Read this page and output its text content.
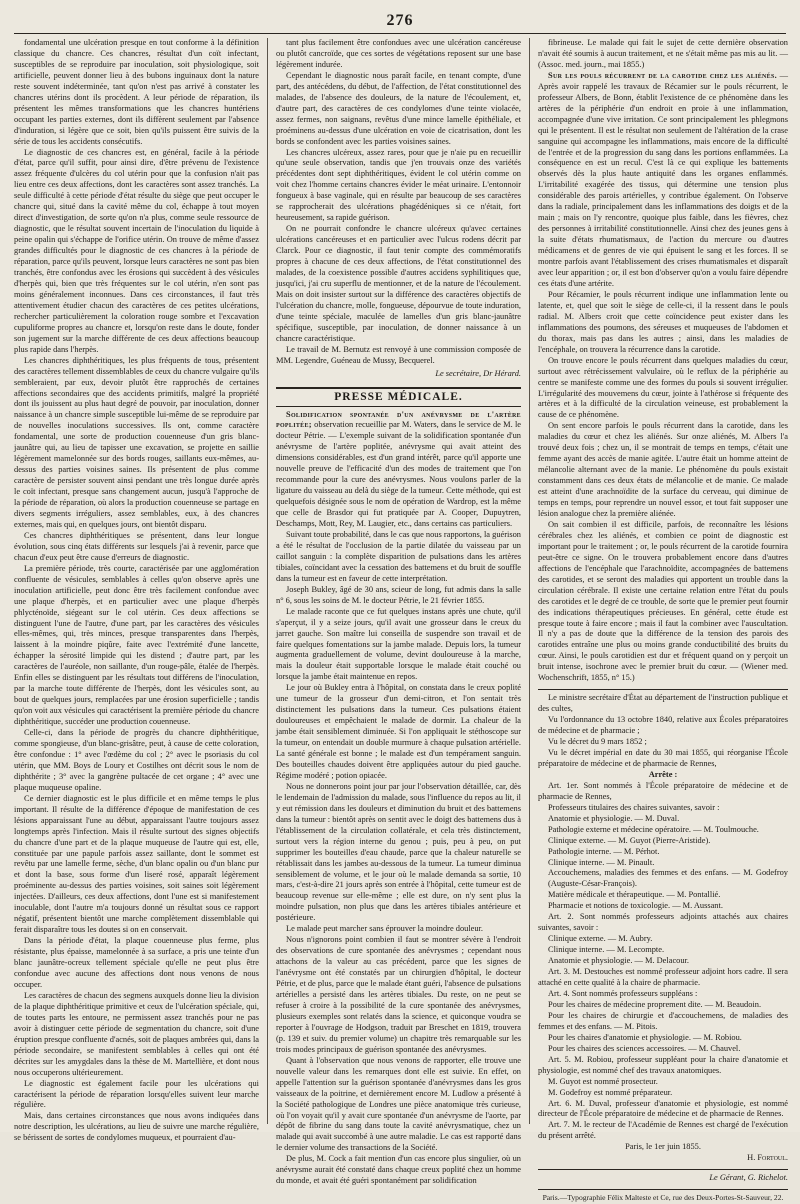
276

fondamental une ulcération presque en tout conforme à la définition classique du chancre. Ces chancres, résultat d'un coït infectant, susceptibles de se reproduire par inoculation, soit physiologique, soit artificielle, peuvent donner lieu à des bubons inguinaux dont la nature reste souvent indéterminée, tant qu'on n'est pas arrivé à constater les chancres utérins dont ils procèdent. A leur période de réparation, ils présentent les mêmes transformations que les chancres huntériens occupant les parties externes, dont ils diffèrent seulement par l'absence d'induration, si légère que ce soit, bien qu'ils puissent être suivis de la série de tous les accidents consécutifs.

Le diagnostic de ces chancres est, en général, facile à la période d'état, parce qu'il suffit, pour ainsi dire, d'être prévenu de l'existence assez fréquente d'ulcères du col utérin pour que la confusion n'ait pas lieu entre ces deux affections, dont les caractères sont assez tranchés. La seule difficulté à cette période d'état résulte du siège que peut occuper le chancre qui, situé dans la cavité même du col, échappe à tout moyen direct d'investigation, de sorte qu'on n'a plus, comme seule ressource de diagnostic, que le résultat souvent incertain de l'inoculation du liquide à peine opalin qui s'échappe de l'orifice utérin. On trouve de même d'assez grandes difficultés pour le diagnostic de ces chancres à la période de réparation, parce qu'ils peuvent, lorsque leurs caractères ne sont pas bien tranchés, être confondus avec les érosions qui succèdent à des vésicules d'herpès qui, bien que très fréquentes sur le col utérin, n'en sont pas moins généralement inconnues. Dans ces circonstances, il faut très attentivement étudier chacun des caractères de ces petites ulcérations, rechercher particulièrement la coloration rouge sombre et l'excavation cupuliforme propres au chancre et, lorsqu'on reste dans le doute, fonder son jugement sur la marche différente de ces deux affections beaucoup plus rapide dans l'herpès.

Les chancres diphthéritiques, les plus fréquents de tous, présentent des caractères tellement dissemblables de ceux du chancre vulgaire qu'ils sembleraient, par eux, devoir plutôt être rapprochés de certaines affections secondaires que des accidents primitifs, malgré la propriété dont ils jouissent au plus haut degré de pouvoir, par inoculation, donner naissance à un chancre simple susceptible lui-même de se reproduire par de nouvelles inoculations successives. Ils ont, comme caractère fondamental, une sorte de production couenneuse d'un gris blanc-jaunâtre qui, au lieu de tapisser une excavation, se projette en saillie légèrement mamelonnée sur des bords rouges, saillants eux-mêmes, au-dessus des parties voisines saines. Ils présentent de plus comme caractère de persister souvent ainsi pendant une très longue durée après le coït infectant, presque sans changement aucun, jusqu'à l'approche de la période de réparation, où alors la production couenneuse se partage en divers segments irréguliers, assez semblables, eux, à des chancres externes, mais qui, en quelques jours, ont bientôt disparu.

Ces chancres diphthéritiques se présentent, dans leur longue évolution, sous cinq états différents sur lesquels j'ai à revenir, parce que chacun d'eux peut être cause d'erreurs de diagnostic.

La première période, très courte, caractérisée par une agglomération confluente de vésicules, semblables à celles qu'on observe après une inoculation artificielle, peut donc être très facilement confondue avec une plaque d'herpès, et en particulier avec une plaque d'herpès phlycténoïde, siégeant sur le col utérin. Ces deux affections se distinguent l'une de l'autre, d'une part, par les caractères des vésicules elles-mêmes, qui, très minces, presque transparentes dans l'herpès, laissent à la moindre piqûre, faite avec l'extrémité d'une lancette, échapper la sérosité limpide qui les distend ; d'autre part, par les caractères de l'auréole, non saillante, d'un rouge-pâle, étalée de l'herpès. Enfin elles se distinguent par les résultats tout différens de l'inoculation, par la marche toute différente de l'herpès, dont les vésicules sont, au bout de quelques jours, remplacées par une érosion superficielle ; tandis qu'on voit aux vésicules qui caractérisent la première période du chancre diphthéritique, succéder une production couenneuse.

Celle-ci, dans la période de progrès du chancre diphthéritique, comme spongieuse, d'un blanc-grisâtre, peut, à cause de cette coloration, être confondue : 1° avec l'œdème du col ; 2° avec le psoriasis du col utérin, que MM. Boys de Loury et Costilhes ont décrit sous le nom de diphthérite ; 3° avec la gangrène pultacée de cet organe ; 4° avec une plaque muqueuse opaline.

Ce dernier diagnostic est le plus difficile et en même temps le plus important. Il résulte de la différence d'époque de manifestation de ces lésions apparaissant l'une au début, apparaissant l'autre toujours assez longtemps après l'infection. Mais il résulte surtout des signes objectifs du chancre d'une part et de la plaque muqueuse de l'autre qui est, elle, constituée par une papule parfois assez saillante, dont le sommet est revêtu par une lamelle ferme, sèche, d'un blanc opalin ou d'un blanc pur et dont la base, sous forme d'un liseré rosé, apparaît légèrement proéminente au-dessus des parties voisines, soit saines soit légèrement injectées. D'ailleurs, ces deux affections, dont l'une est si manifestement inoculable, dont l'autre m'a toujours donné un résultat sous ce rapport négatif, présentent bientôt une marche complètement dissemblable qui ferait disparaître tous les doutes si on en conservait.

Dans la période d'état, la plaque couenneuse plus ferme, plus résistante, plus épaisse, mamelonnée à sa surface, a pris une teinte d'un blanc jaunâtre-ocreux tellement spéciale qu'elle ne peut plus être confondue avec aucune des affections dont nous venons de nous occuper.

Les caractères de chacun des segmens auxquels donne lieu la division de la plaque diphthéritique primitive et ceux de l'ulcération spéciale, qui, de toutes parts les entoure, ne permissent assez tranchés pour ne pas avoir à distinguer cette période de segmentation du chancre, soit d'une éruption presque confluente d'acnés, soit de plaques ambrées qui, dans la période secondaire, se manifestent semblables à celles qui ont été décrites sur les amygdales dans la thèse de M. Martellière, et dont nous nous occuperons ultérieurement.

Le diagnostic est également facile pour les ulcérations qui caractérisent la période de réparation lorsqu'elles suivent leur marche régulière.

Mais, dans certaines circonstances que nous avons indiquées dans notre description, les ulcérations, au lieu de suivre une marche régulière, se bérissent de sortes de condylomes muqueux, et pourraient d'au-

tant plus facilement être confondues avec une ulcération cancéreuse ou plutôt cancroïde, que ces sortes de végétations reposent sur une base légèrement indurée.

Cependant le diagnostic nous paraît facile, en tenant compte, d'une part, des antécédens, du début, de l'affection, de l'état constitutionnel des malades, de l'absence des douleurs, de la nature de l'écoulement, et, d'autre part, des caractères de ces condylomes d'une teinte violacée, assez fermes, non saignans, revêtus d'une mince lamelle épithéliale, et proéminens au-dessus d'une ulcération en voie de cicatrisation, dont les bords se confondent avec les parties voisines saines.

Les chancres ulcéreux, assez rares, pour que je n'aie pu en recueillir qu'une seule observation, tandis que j'en trouvais onze des variétés précédentes dont sept diphthéritiques, évident le col utérin comme on voit chez l'homme certains chancres évider le méat urinaire. L'entonnoir fongueux à base vaginale, qui en résulte par beaucoup de ses caractères se rapprocherait des ulcérations phagédéniques si ce n'était, fort heureusement, sa rapide guérison.

On ne pourrait confondre le chancre ulcéreux qu'avec certaines ulcérations cancéreuses et en particulier avec l'ulcus rodens décrit par Clarck. Pour ce diagnostic, il faut tenir compte des commémoratifs propres à chacune de ces deux affections, de l'état constitutionnel des malades, de la coexistence possible d'autres accidens syphilitiques que, jusqu'ici, j'ai cru superflu de mentionner, et de la nature de l'écoulement. Mais on doit insister surtout sur la différence des caractères objectifs de l'ulcération du chancre, molle, fongueuse, dépourvue de toute induration, d'une teinte spéciale, maculée de lamelles d'un gris blanc-jaunâtre spécifique, susceptible, par inoculation, de donner naissance à un chancre caractéristique.

Le travail de M. Bernutz est renvoyé à une commission composée de MM. Legendre, Guéneau de Mussy, Becquerel.

Le secrétaire, Dr Hérard.

PRESSE MÉDICALE.

Solidification spontanée d'un anévrysme de l'artère poplitée; observation recueillie par M. Waters, dans le service de M. le docteur Pétrie. — L'exemple suivant de la solidification spontanée d'un anévrysme de l'artère poplitée, anévrysme qui avait atteint des dimensions considérables, est d'un grand intérêt, parce qu'il apporte une nouvelle preuve de l'efficacité d'un des modes de traitement que l'on recommande pour la cure des anévrysmes. Nous voulons parler de la ligature du vaisseau au delà du siège de la tumeur. Cette méthode, qui est quelquefois désignée sous le nom de opération de Wardrop, est la même que celle de Brasdor qui fut pratiquée par A. Cooper, Dupuytren, Deschamps, Mott, Rey, M. Laugier, etc., dans certains cas particuliers.

Suivant toute probabilité, dans le cas que nous rapportons, la guérison a été le résultat de l'occlusion de la partie dilatée du vaisseau par un caillot sanguin : la complète disparition de pulsations dans les artères tibiales, coïncidant avec la cessation des battemens et du bruit de souffle dans la tumeur est en faveur de cette interprétation.

Joseph Bukley, âgé de 30 ans, scieur de long, fut admis dans la salle n° 6, sous les soins de M. le docteur Pétrie, le 21 février 1855.

Le malade raconte que ce fut quelques instans après une chute, qu'il s'aperçut, il y a seize jours, qu'il avait une grosseur dans le creux du jarret gauche. Son maître lui conseilla de suspendre son travail et de faire quelques fomentations sur la jambe malade. Depuis lors, la tumeur augmenta graduellement de volume, devint douloureuse à la marche, mais la douleur était supportable lorsque le malade était couché ou lorsque la jambe était maintenue en repos.

Le jour où Bukley entra à l'hôpital, on constata dans le creux poplité une tumeur de la grosseur d'un demi-citron, et l'on sentait très distinctement les pulsations dans la tumeur. Ces pulsations étaient douloureuses et empêchaient le malade de dormir. La chaleur de la jambe était sensiblement diminuée. Si l'on appliquait le stéthoscope sur la tumeur, on entendait un double murmure à chaque pulsation artérielle. La santé générale est bonne ; le malade est d'un tempérament sanguin. Des bouteilles chaudes doivent être appliquées autour du pied gauche. Régime modéré ; potion opiacée.

Nous ne donnerons point jour par jour l'observation détaillée, car, dès le lendemain de l'admission du malade, sous l'influence du repos au lit, il y eut rémission dans les douleurs et diminution du bruit et des battemens dans la tumeur : bientôt après on sentit avec le doigt des battemens dus à l'établissement de la circulation collatérale, et cela très distinctement, surtout vers la région interne du genou ; puis, peu à peu, on put supprimer les bouteilles d'eau chaude, parce que la chaleur naturelle se rétablissait dans les jambes au-dessous de la tumeur. La tumeur diminua sensiblement de volume, et le jour où le malade demanda sa sortie, 10 mars, c'est-à-dire 21 jours après son entrée à l'hôpital, cette tumeur est de beaucoup revenue sur elle-même ; elle est dure, on n'y sent plus la moindre pulsation, non plus que dans les artères tibiales antérieure et postérieure.

Le malade peut marcher sans éprouver la moindre douleur.

Nous n'ignorons point combien il faut se montrer sévère à l'endroit des observations de cure spontanée des anévrysmes ; cependant nous attachons de la valeur au cas précédent, parce que les signes de l'anévrysme ont été constatés par un chirurgien d'hôpital, le docteur Pétrie, et de plus, parce que le malade étant guéri, l'absence de pulsations artérielles a persisté dans les artères tibiales. Du reste, on ne peut se refuser à croire à la possibilité de la cure spontanée des anévrysmes, plusieurs exemples sont relatés dans la science, et quiconque voudra se reporter à l'ouvrage de Hodgson, traduit par Breschet en 1819, trouvera (p. 139 et suiv. du premier volume) un chapitre très remarquable sur les trois modes principaux de guérison spontanée des anévrysmes.

Quant à l'observation que nous venons de rapporter, elle trouve une nouvelle valeur dans les remarques dont elle est suivie. En effet, on appelle l'attention sur la guérison spontanée d'anévrysmes dans les gros vaisseaux de la poitrine, et dernièrement encore M. Ludlow a présenté à la Société pathologique de Londres une pièce anatomique très curieuse, où l'on voyait qu'il y avait cure spontanée d'un anévrysme de l'aorte, par dépôt de fibrine du sang dans toute la cavité anévrysmatique, chez un malade qui avait succombé à une autre maladie. Le cas est rapporté dans le dernier volume des transactions de la Société.

De plus, M. Cock a fait mention d'un cas encore plus singulier, où un anévrysme aurait été constaté dans chaque creux poplité chez un homme du monde, et avait été guéri spontanément par solidification

fibrineuse. Le malade qui fait le sujet de cette dernière observation n'avait été soumis à aucun traitement, et ne s'était même pas mis au lit. — (Assoc. med. journ., mai 1855.)

Sur les pouls récurrent de la carotide chez les aliénés. — Après avoir rappelé les travaux de Récamier sur le pouls récurrent, le professeur Albers, de Bonn, établit l'existence de ce phénomène dans les artères de la périphérie d'un endroit en proie à une inflammation, accompagnée d'une vive irritation. Ce sont principalement les phlegmons qui le présentent. Il est le résultat non seulement de l'altération de la crase sanguine qui accompagne les inflammations, mais encore de la difficulté de l'entrée et de la progression du sang dans les portions enflammées. La conséquence en est un recul. C'est là ce qui explique les battements observés dès la plus haute antiquité dans les organes enflammés. L'irritabilité exagérée des tissus, qui détermine une tension plus considérable des parois artérielles, y contribue également. On l'observe dans la radiale, principalement dans les inflammations des doigts et de la main ; mais on l'y rencontre, quoique plus faible, dans les fièvres, chez des personnes à irritabilité constitutionnelle. Ainsi chez des jeunes gens à la suite d'états rhumatismaux, de l'action du mercure ou d'autres médicamens et de genres de vie qui épuisent le sang et les forces. Il se montre parfois avant l'établissement des crises rhumatismales et disparaît avec leur apparition ; or, il est bon d'observer qu'on a voulu faire dépendre ces états d'une artérite.

Pour Récamier, le pouls récurrent indique une inflammation lente ou latente, et, quel que soit le siège de celle-ci, il la ressent dans le pouls radial. M. Albers croit que cette coïncidence peut exister dans les inflammations des poumons, des séreuses et muqueuses de l'abdomen et du thorax, mais pas dans les autres ; ainsi, dans les maladies de l'encéphale, on trouvera la récurrence dans la carotide.

On trouve encore le pouls récurrent dans quelques maladies du cœur, surtout avec rétrécissement valvulaire, où le reflux de la périphérie au centre se manifeste comme une des formes du pouls si souvent irrégulier. L'irrégularité des mouvemens du cœur, jointe à l'athérose si fréquente des artères et à la difficulté de la circulation veineuse, est probablement la cause de ce phénomène.

On sent encore parfois le pouls récurrent dans la carotide, dans les maladies du cœur et chez les aliénés. Sur onze aliénés, M. Albers l'a trouvé deux fois ; chez un, il se montrait de temps en temps, c'était une femme ayant des accès de manie agitée. L'autre était un homme atteint de mélancolie alternant avec de la manie. Le phénomène du pouls existait constamment dans ces deux états de mélancolie et de manie. Ce malade est atteint d'une arachnoïdite de la surface du cerveau, qui diminue de temps en temps, pour reprendre un nouvel essor, et tout fait supposer une lésion analogue chez la première aliénée.

On sait combien il est difficile, parfois, de reconnaître les lésions cérébrales chez les aliénés, et combien ce point de diagnostic est important pour le traitement ; or, le pouls récurrent de la carotide fournira peut-être ce signe. On le trouvera probablement encore dans d'autres affections de l'encéphale que l'arachnoïdite, accompagnées de battemens des carotides, et se seront des maladies qui apportent un trouble dans la circulation cérébrale. Il existe une certaine relation entre l'état du pouls des carotides et le degré de ce trouble, de sorte que le premier peut fournir des indications thérapeutiques précieuses. En général, cette étude est presque toute à faire encore ; mais il faut la combiner avec l'auscultation. Il n'y a pas de doute que la différence de la tension des parois des carotides entraîne une plus ou moins grande conductibilité des bruits du cœur. Ainsi, le pouls carotidien est dur et fréquent quand on y perçoit un bruit intense, isochrone avec le premier bruit du cœur. — (Wiener med. Wochenschrift, 1855, n° 15.)

Le ministre secrétaire d'État au département de l'instruction publique et des cultes,

Vu l'ordonnance du 13 octobre 1840, relative aux Écoles préparatoires de médecine et de pharmacie ;

Vu le décret du 9 mars 1852 ;

Vu le décret impérial en date du 30 mai 1855, qui réorganise l'École préparatoire de médecine et de pharmacie de Rennes,

Arrête :

Art. 1er. Sont nommés à l'École préparatoire de médecine et de pharmacie de Rennes,

Professeurs titulaires des chaires suivantes, savoir :

Anatomie et physiologie. — M. Duval.

Pathologie externe et médecine opératoire. — M. Toulmouche.

Clinique externe. — M. Guyot (Pierre-Aristide).

Pathologie interne. — M. Pérhot.

Clinique interne. — M. Pinault.

Accouchemens, maladies des femmes et des enfans. — M. Godefroy (Auguste-César-François).

Matière médicale et thérapeutique. — M. Pontallié.

Pharmacie et notions de toxicologie. — M. Aussant.

Art. 2. Sont nommés professeurs adjoints attachés aux chaires suivantes, savoir :

Clinique externe. — M. Aubry.

Clinique interne. — M. Lecompte.

Anatomie et physiologie. — M. Delacour.

Art. 3. M. Destouches est nommé professeur adjoint hors cadre. Il sera attaché en cette qualité à la chaire de pharmacie.

Art. 4. Sont nommés professeurs suppléans :

Pour les chaires de médecine proprement dite. — M. Beaudoin.

Pour les chaires de chirurgie et d'accouchemens, de maladies des femmes et des enfans. — M. Pitois.

Pour les chaires d'anatomie et physiologie. — M. Robiou.

Pour les chaires des sciences accessoires. — M. Chauvel.

Art. 5. M. Robiou, professeur suppléant pour la chaire d'anatomie et physiologie, est nommé chef des travaux anatomiques.

M. Guyot est nommé prosecteur.

M. Godefroy est nommé préparateur.

Art. 6. M. Duval, professeur d'anatomie et physiologie, est nommé directeur de l'École préparatoire de médecine et de pharmacie de Rennes.

Art. 7. M. le recteur de l'Académie de Rennes est chargé de l'exécution du présent arrêté.

Paris, le 1er juin 1855.

H. Fortoul.

Le Gérant, G. Richelot.

Paris.—Typographie Félix Malteste et Ce, rue des Deux-Portes-St-Sauveur, 22.
